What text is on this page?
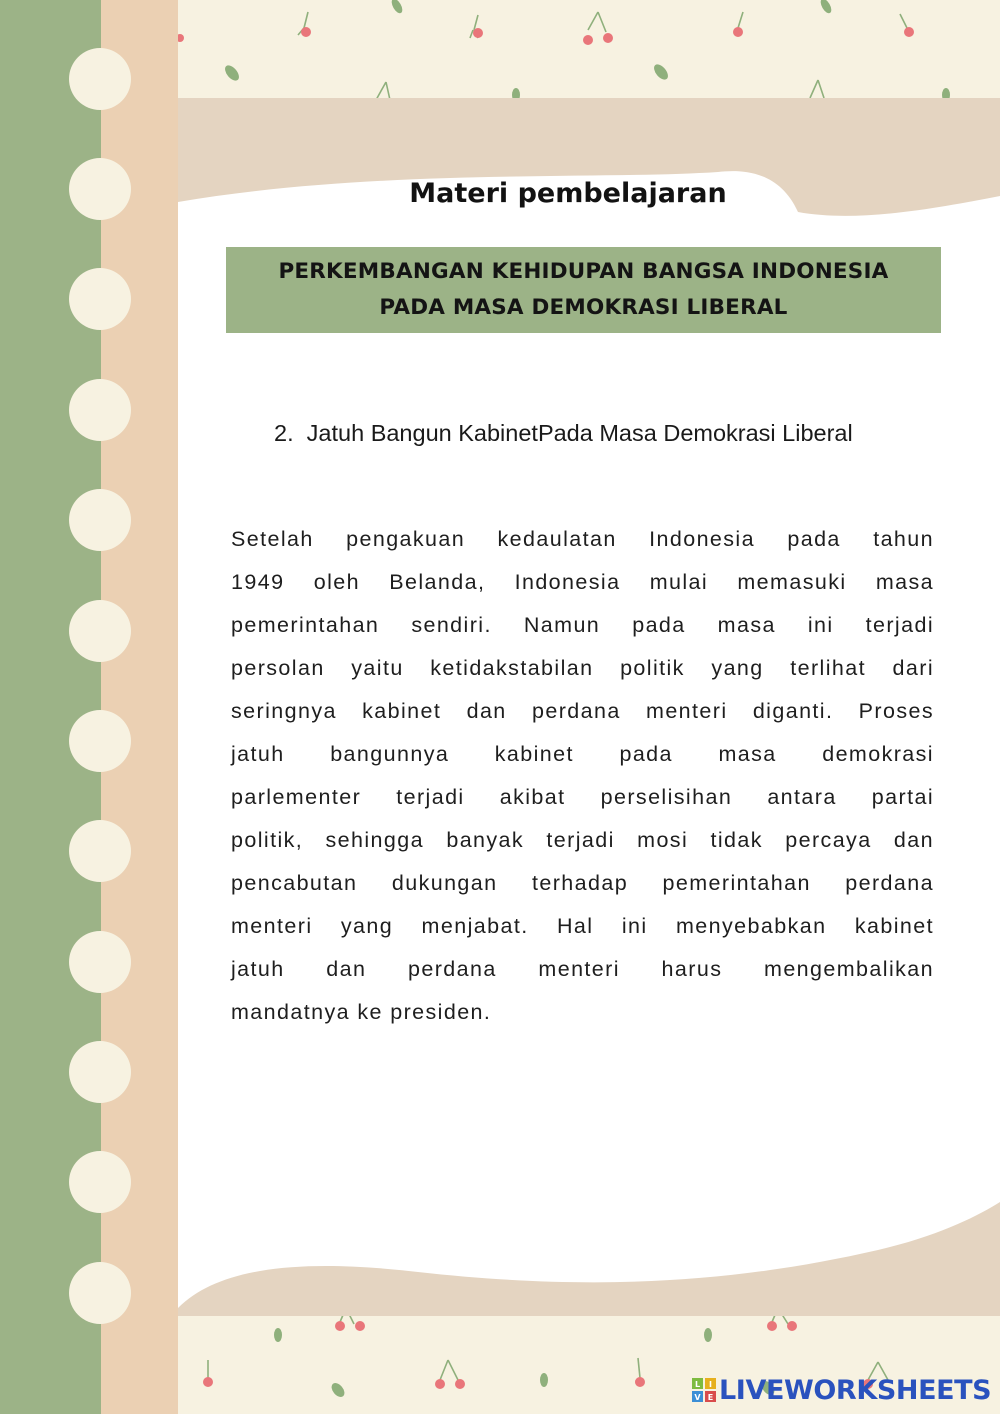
Materi pembelajaran
PERKEMBANGAN KEHIDUPAN BANGSA INDONESIA
PADA MASA DEMOKRASI LIBERAL
2. Jatuh Bangun KabinetPada Masa Demokrasi Liberal
Setelah pengakuan kedaulatan Indonesia pada tahun
1949 oleh Belanda, Indonesia mulai memasuki masa
pemerintahan sendiri. Namun pada masa ini terjadi
persolan yaitu ketidakstabilan politik yang terlihat dari
seringnya kabinet dan perdana menteri diganti. Proses
jatuh bangunnya kabinet pada masa demokrasi
parlementer terjadi akibat perselisihan antara partai
politik, sehingga banyak terjadi mosi tidak percaya dan
pencabutan dukungan terhadap pemerintahan perdana
menteri yang menjabat. Hal ini menyebabkan kabinet
jatuh dan perdana menteri harus mengembalikan
mandatnya ke presiden.
L I
V E LIVEWORKSHEETS
